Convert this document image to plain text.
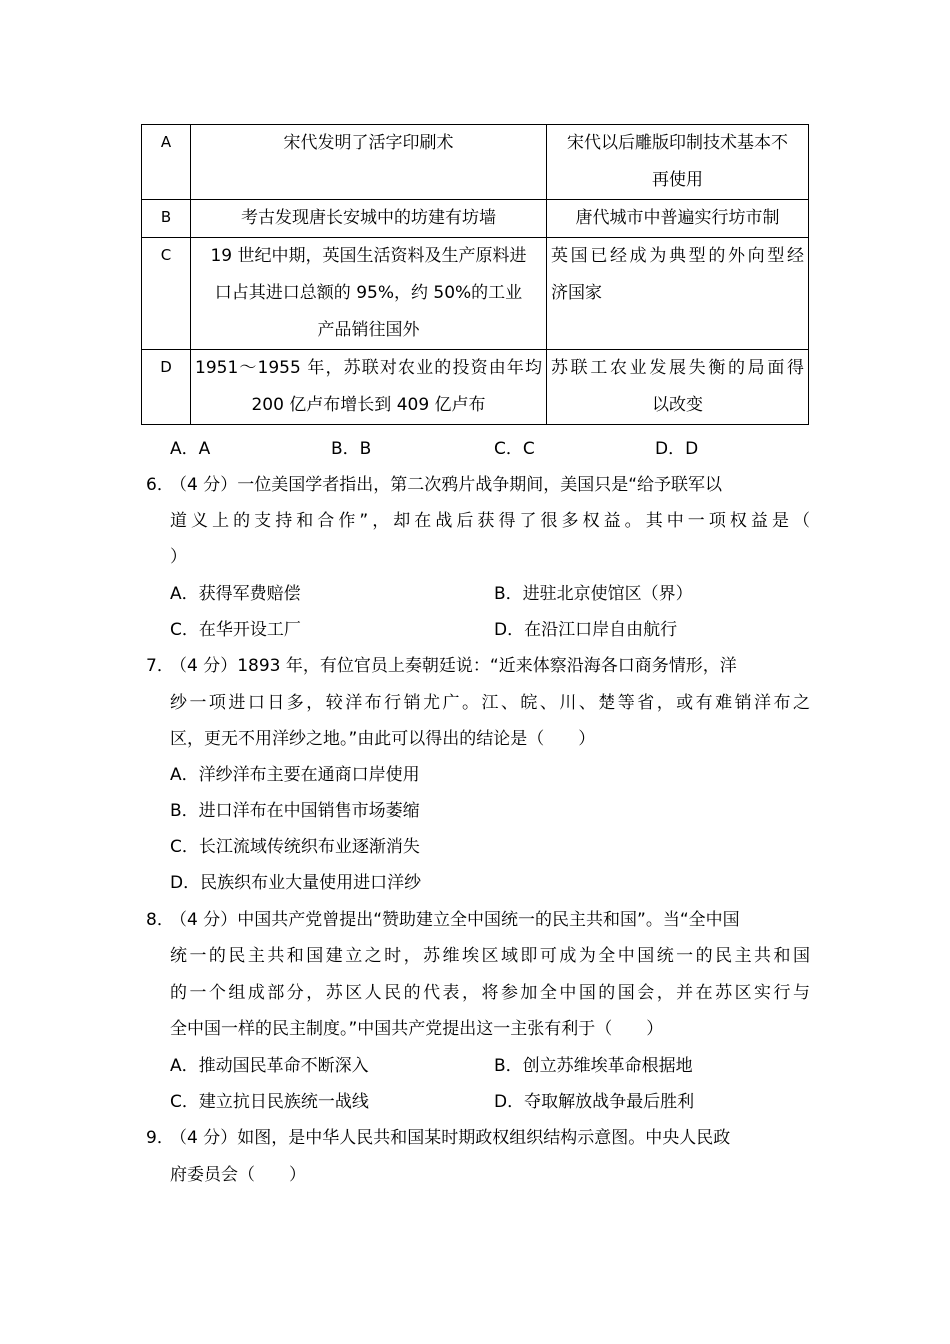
A	宋代发明了活字印刷术	宋代以后雕版印制技术基本不
再使用

B	考古发现唐长安城中的坊建有坊墙	唐代城市中普遍实行坊市制

C	19 世纪中期，英国生活资料及生产原料进
口占其进口总额的 95%，约 50%的工业
产品销往国外	英国已经成为典型的外向型经
济国家

D	1951～1955 年，苏联对农业的投资由年均
200 亿卢布增长到 409 亿卢布	苏联工农业发展失衡的局面得
以改变
A．A	B．B	C．C	D．D
6．（4 分）一位美国学者指出，第二次鸦片战争期间，美国只是“给予联军以
道义上的支持和合作”，却在战后获得了很多权益。其中一项权益是（
）
A．获得军费赔偿	B．进驻北京使馆区（界）
C．在华开设工厂	D．在沿江口岸自由航行
7．（4 分）1893 年，有位官员上奏朝廷说：“近来体察沿海各口商务情形，洋
纱一项进口日多，较洋布行销尤广。江、皖、川、楚等省，或有难销洋布之
区，更无不用洋纱之地。”由此可以得出的结论是（　　）
A．洋纱洋布主要在通商口岸使用
B．进口洋布在中国销售市场萎缩
C．长江流域传统织布业逐渐消失
D．民族织布业大量使用进口洋纱
8．（4 分）中国共产党曾提出“赞助建立全中国统一的民主共和国”。当“全中国
统一的民主共和国建立之时，苏维埃区域即可成为全中国统一的民主共和国
的一个组成部分，苏区人民的代表，将参加全中国的国会，并在苏区实行与
全中国一样的民主制度。”中国共产党提出这一主张有利于（　　）
A．推动国民革命不断深入	B．创立苏维埃革命根据地
C．建立抗日民族统一战线	D．夺取解放战争最后胜利
9．（4 分）如图，是中华人民共和国某时期政权组织结构示意图。中央人民政
府委员会（　　）
